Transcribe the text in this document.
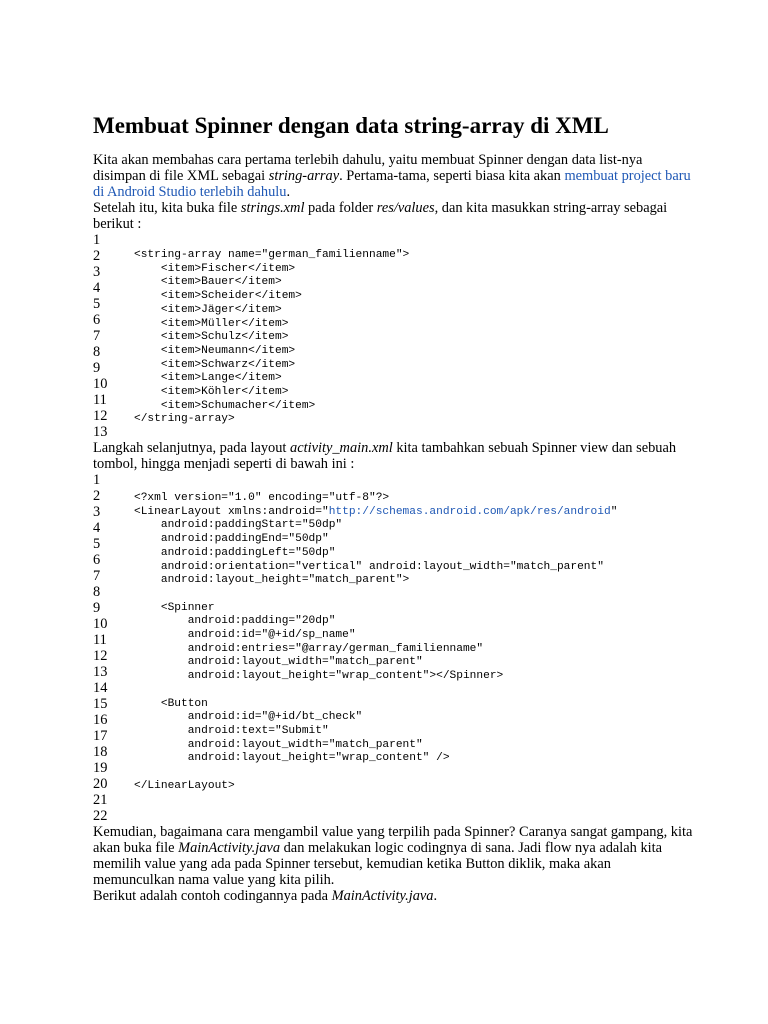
Membuat Spinner dengan data string-array di XML

Kita akan membahas cara pertama terlebih dahulu, yaitu membuat Spinner dengan data list-nya disimpan di file XML sebagai string-array. Pertama-tama, seperti biasa kita akan membuat project baru di Android Studio terlebih dahulu.

Setelah itu, kita buka file strings.xml pada folder res/values, dan kita masukkan string-array sebagai berikut :

1
2
3
4
5
6
7
8
9
10
11
12
13
<string-array name="german_familienname">
<item>Fischer</item>
<item>Bauer</item>
<item>Scheider</item>
<item>Jäger</item>
<item>Müller</item>
<item>Schulz</item>
<item>Neumann</item>
<item>Schwarz</item>
<item>Lange</item>
<item>Köhler</item>
<item>Schumacher</item>
</string-array>

Langkah selanjutnya, pada layout activity_main.xml kita tambahkan sebuah Spinner view dan sebuah tombol, hingga menjadi seperti di bawah ini :

1
2
3
4
5
6
7
8
9
10
11
12
13
14
15
16
17
18
19
20
21
22
<?xml version="1.0" encoding="utf-8"?>
<LinearLayout xmlns:android="http://schemas.android.com/apk/res/android"
android:paddingStart="50dp"
android:paddingEnd="50dp"
android:paddingLeft="50dp"
android:orientation="vertical" android:layout_width="match_parent"
android:layout_height="match_parent">
<Spinner
android:padding="20dp"
android:id="@+id/sp_name"
android:entries="@array/german_familienname"
android:layout_width="match_parent"
android:layout_height="wrap_content"></Spinner>
<Button
android:id="@+id/bt_check"
android:text="Submit"
android:layout_width="match_parent"
android:layout_height="wrap_content" />
</LinearLayout>

Kemudian, bagaimana cara mengambil value yang terpilih pada Spinner? Caranya sangat gampang, kita akan buka file MainActivity.java dan melakukan logic codingnya di sana. Jadi flow nya adalah kita memilih value yang ada pada Spinner tersebut, kemudian ketika Button diklik, maka akan memunculkan nama value yang kita pilih.

Berikut adalah contoh codingannya pada MainActivity.java.
